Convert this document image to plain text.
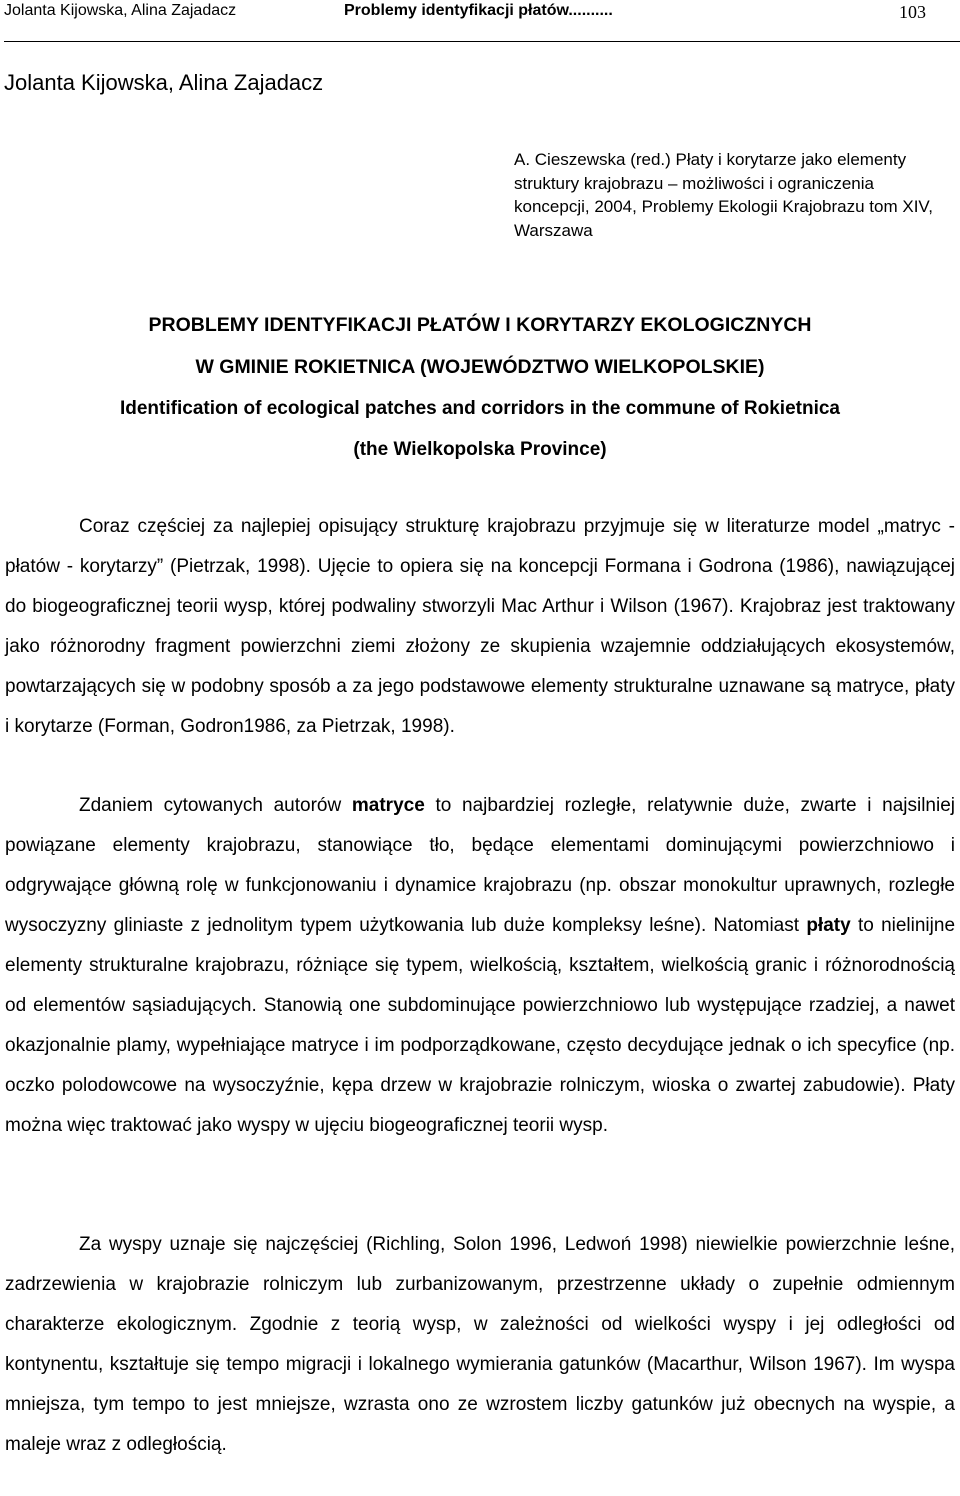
Jolanta Kijowska, Alina Zajadacz	Problemy identyfikacji płatów..........	103
Jolanta Kijowska, Alina Zajadacz
A. Cieszewska (red.) Płaty i korytarze jako elementy struktury krajobrazu – możliwości i ograniczenia koncepcji, 2004, Problemy Ekologii Krajobrazu tom XIV, Warszawa
PROBLEMY IDENTYFIKACJI PŁATÓW I KORYTARZY EKOLOGICZNYCH
W GMINIE ROKIETNICA (WOJEWÓDZTWO WIELKOPOLSKIE)
Identification of ecological patches and corridors in the commune of Rokietnica
(the Wielkopolska Province)
Coraz częściej za najlepiej opisujący strukturę krajobrazu przyjmuje się w literaturze model „matryc - płatów - korytarzy” (Pietrzak, 1998). Ujęcie to opiera się na koncepcji Formana i Godrona (1986), nawiązującej do biogeograficznej teorii wysp, której podwaliny stworzyli Mac Arthur i Wilson (1967). Krajobraz jest traktowany jako różnorodny fragment powierzchni ziemi złożony ze skupienia wzajemnie oddziałujących ekosystemów, powtarzających się w podobny sposób a za jego podstawowe elementy strukturalne uznawane są matryce, płaty i korytarze (Forman, Godron1986, za Pietrzak, 1998).
Zdaniem cytowanych autorów matryce to najbardziej rozległe, relatywnie duże, zwarte i najsilniej powiązane elementy krajobrazu, stanowiące tło, będące elementami dominującymi powierzchniowo i odgrywające główną rolę w funkcjonowaniu i dynamice krajobrazu (np. obszar monokultur uprawnych, rozległe wysoczyzny gliniaste z jednolitym typem użytkowania lub duże kompleksy leśne). Natomiast płaty to nielinijne elementy strukturalne krajobrazu, różniące się typem, wielkością, kształtem, wielkością granic i różnorodnością od elementów sąsiadujących. Stanowią one subdominujące powierzchniowo lub występujące rzadziej, a nawet okazjonalnie plamy, wypełniające matryce i im podporządkowane, często decydujące jednak o ich specyfice (np. oczko polodowcowe na wysoczyźnie, kępa drzew w krajobrazie rolniczym, wioska o zwartej zabudowie). Płaty można więc traktować jako wyspy w ujęciu biogeograficznej teorii wysp.
Za wyspy uznaje się najczęściej (Richling, Solon 1996, Ledwoń 1998) niewielkie powierzchnie leśne, zadrzewienia w krajobrazie rolniczym lub zurbanizowanym, przestrzenne układy o zupełnie odmiennym charakterze ekologicznym. Zgodnie z teorią wysp, w zależności od wielkości wyspy i jej odległości od kontynentu, kształtuje się tempo migracji i lokalnego wymierania gatunków (Macarthur, Wilson 1967). Im wyspa mniejsza, tym tempo to jest mniejsze, wzrasta ono ze wzrostem liczby gatunków już obecnych na wyspie, a maleje wraz z odległością.
